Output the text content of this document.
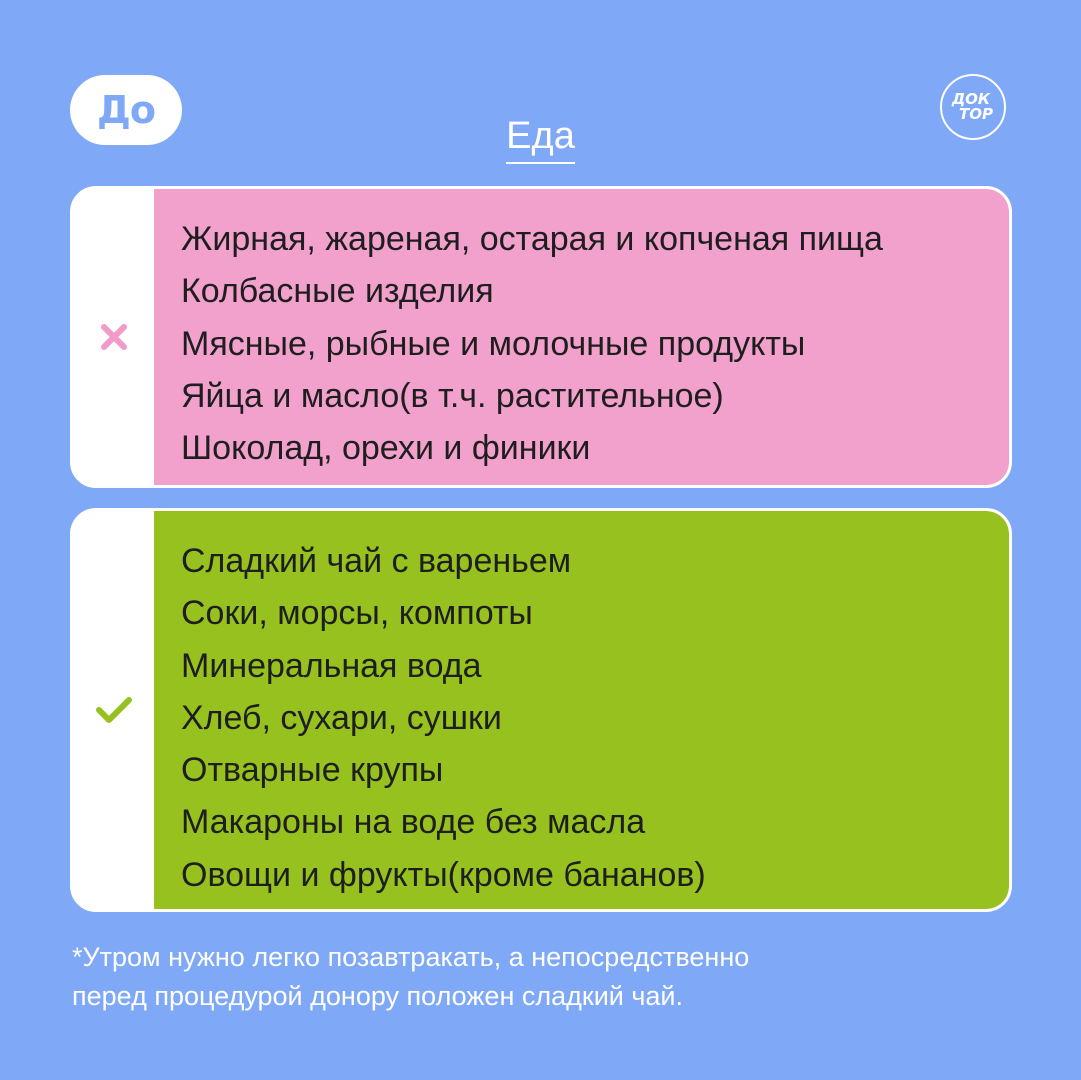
До	ДОК
ТОР
Еда
Жирная, жареная, остарая и копченая пища
Колбасные изделия
Мясные, рыбные и молочные продукты
Яйца и масло(в т.ч. растительное)
Шоколад, орехи и финики
Сладкий чай с вареньем
Соки, морсы, компоты
Минеральная вода
Хлеб, сухари, сушки
Отварные крупы
Макароны на воде без масла
Овощи и фрукты(кроме бананов)
*Утром нужно легко позавтракать, а непосредственно
перед процедурой донору положен сладкий чай.
